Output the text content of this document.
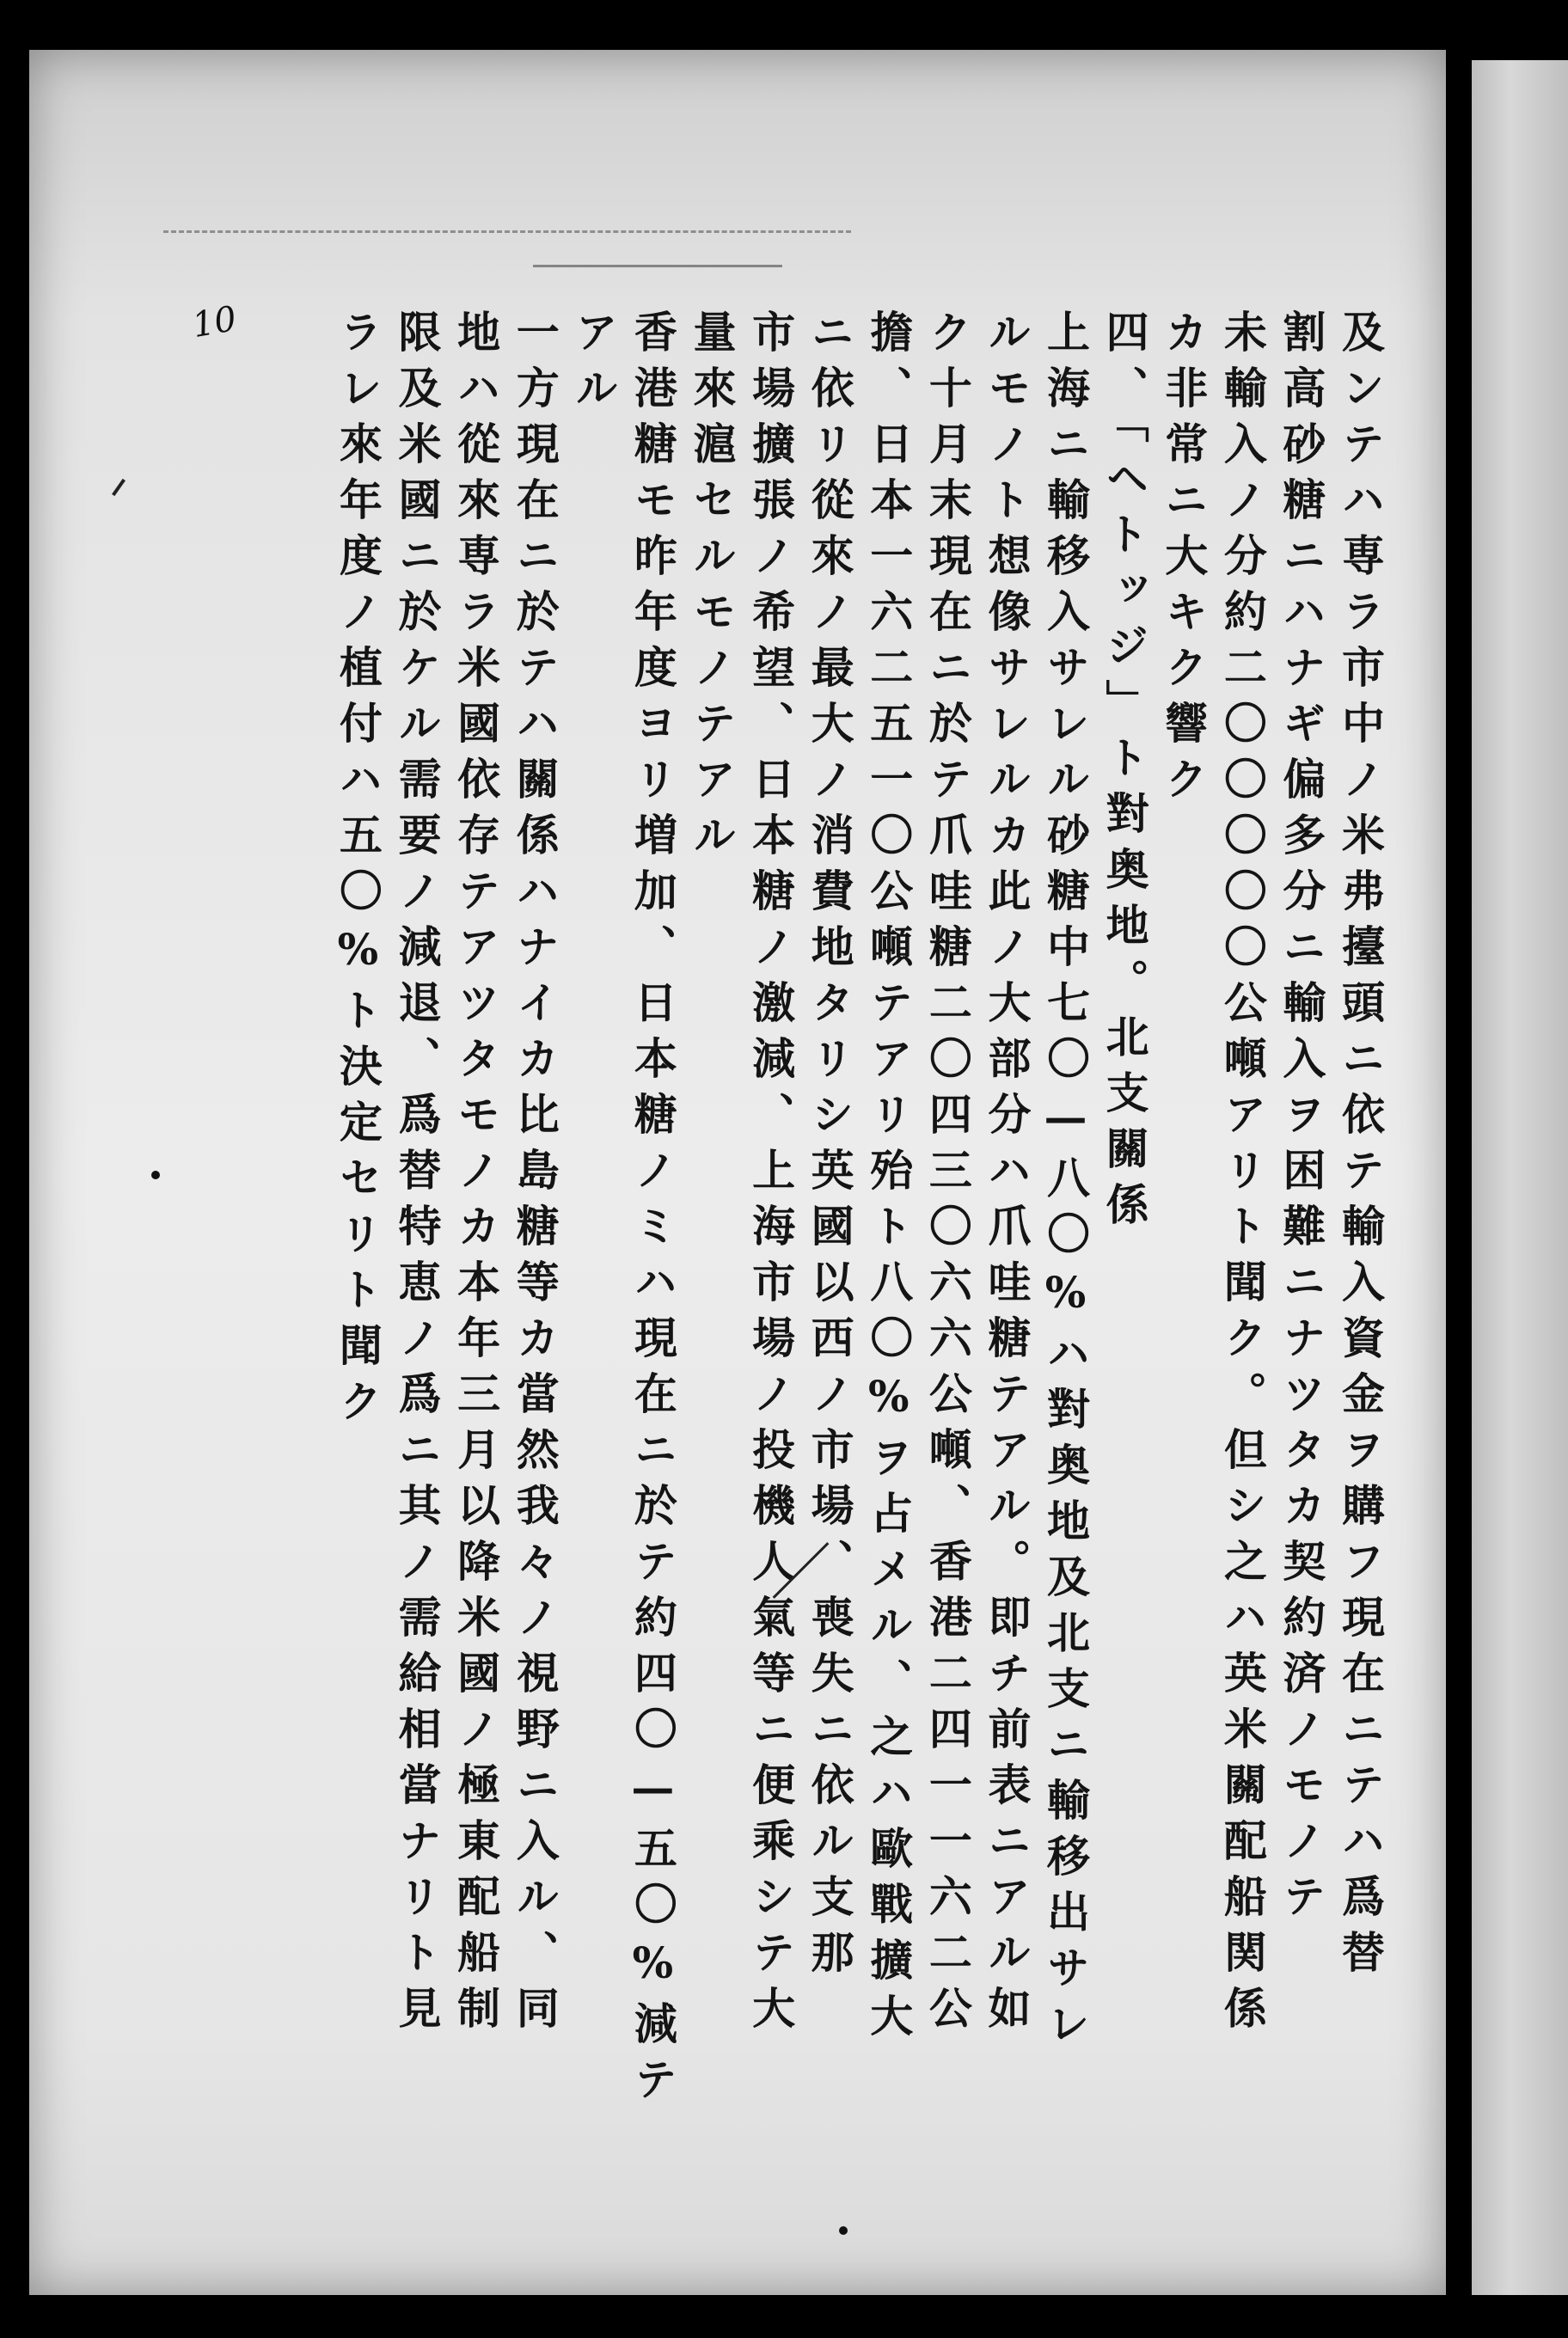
10	及ンテハ専ラ市中ノ米弗擡頭ニ依テ輸入資金ヲ購フ現在ニテハ爲替
割高砂糖ニハナギ偏多分ニ輸入ヲ困難ニナツタカ契約済ノモノテ
未輸入ノ分約二〇〇〇〇〇公噸アリト聞ク。但シ之ハ英米關配船関係
カ非常ニ大キク響ク
四、「ヘトッジ」ト對奥地。北支關係
上海ニ輸移入サレル砂糖中七〇—八〇%ハ對奥地及北支ニ輸移出サレ
ルモノト想像サレルカ此ノ大部分ハ爪哇糖テアル。即チ前表ニアル如
ク十月末現在ニ於テ爪哇糖二〇四三〇六六公噸、香港二四一一六二公
擔、日本一六二五一〇公噸テアリ殆ト八〇%ヲ占メル、之ハ歐戰擴大
ニ依リ從來ノ最大ノ消費地タリシ英國以西ノ市場、喪失ニ依ル支那
市場擴張ノ希望、日本糖ノ激減、上海市場ノ投機人氣等ニ便乘シテ大
量來滬セルモノテアル
香港糖モ昨年度ヨリ増加、日本糖ノミハ現在ニ於テ約四〇—五〇%減テ
アル
一方現在ニ於テハ關係ハナイカ比島糖等カ當然我々ノ視野ニ入ル、同
地ハ從來専ラ米國依存テアツタモノカ本年三月以降米國ノ極東配船制
限及米國ニ於ケル需要ノ減退、爲替特恵ノ爲ニ其ノ需給相當ナリト見
ラレ來年度ノ植付ハ五〇%ト決定セリト聞ク
